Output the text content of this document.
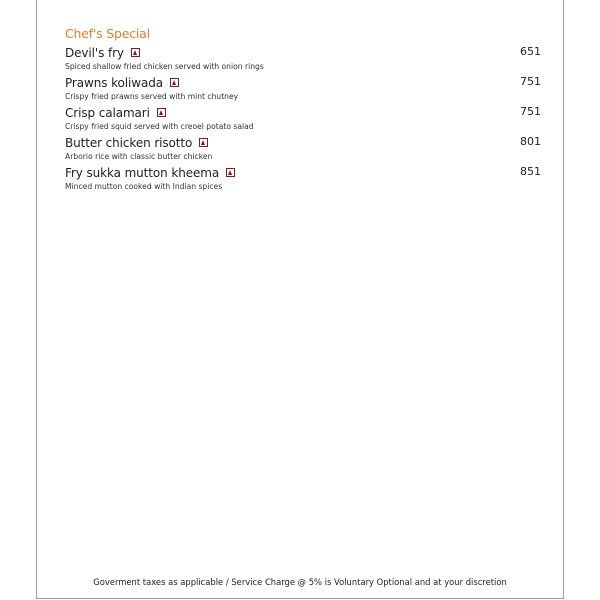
Chef's Special
Devil's fry	651
Spiced shallow fried chicken served with onion rings
Prawns koliwada	751
Crispy fried prawns served with mint chutney
Crisp calamari	751
Crispy fried squid served with creoel potato salad
Butter chicken risotto	801
Arborio rice with classic butter chicken
Fry sukka mutton kheema	851
Minced mutton cooked with Indian spices
Goverment taxes as applicable / Service Charge @ 5% is Voluntary Optional and at your discretion
